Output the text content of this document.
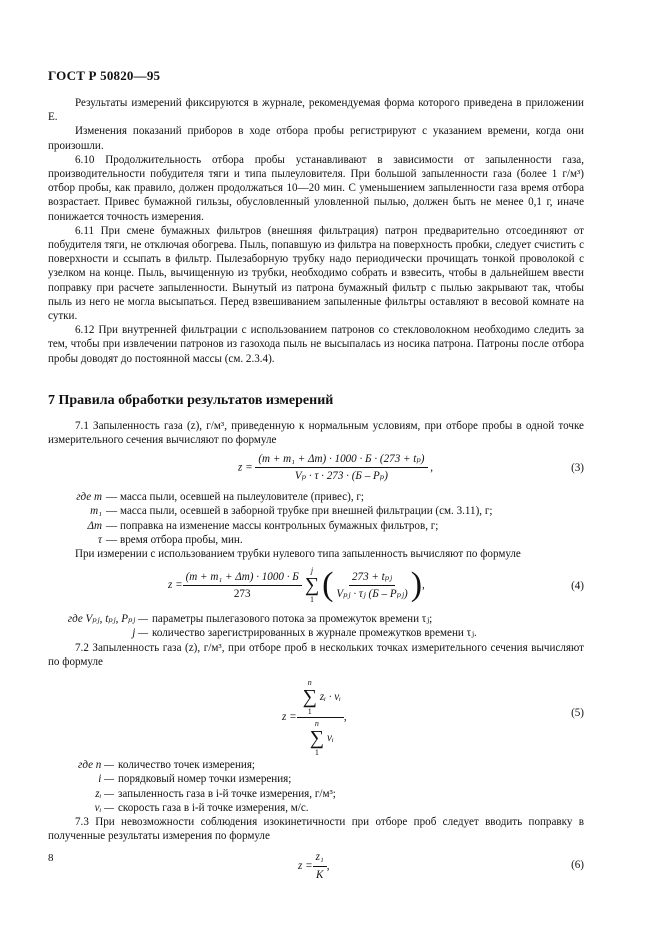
ГОСТ Р 50820—95

Результаты измерений фиксируются в журнале, рекомендуемая форма которого приведена в приложении Е.

Изменения показаний приборов в ходе отбора пробы регистрируют с указанием времени, когда они произошли.

6.10 Продолжительность отбора пробы устанавливают в зависимости от запыленности газа, производительности побудителя тяги и типа пылеуловителя. При большой запыленности газа (более 1 г/м³) отбор пробы, как правило, должен продолжаться 10—20 мин. С уменьшением запыленности газа время отбора возрастает. Привес бумажной гильзы, обусловленный уловленной пылью, должен быть не менее 0,1 г, иначе понижается точность измерения.

6.11 При смене бумажных фильтров (внешняя фильтрация) патрон предварительно отсоединяют от побудителя тяги, не отключая обогрева. Пыль, попавшую из фильтра на поверхность пробки, следует счистить с поверхности и ссыпать в фильтр. Пылезаборную трубку надо периодически прочищать тонкой проволокой с узелком на конце. Пыль, вычищенную из трубки, необходимо собрать и взвесить, чтобы в дальнейшем ввести поправку при расчете запыленности. Вынутый из патрона бумажный фильтр с пылью закрывают так, чтобы пыль из него не могла высыпаться. Перед взвешиванием запыленные фильтры оставляют в весовой комнате на сутки.

6.12 При внутренней фильтрации с использованием патронов со стекловолокном необходимо следить за тем, чтобы при извлечении патронов из газохода пыль не высыпалась из носика патрона. Патроны после отбора пробы доводят до постоянной массы (см. 2.3.4).

7 Правила обработки результатов измерений

7.1 Запыленность газа (z), г/м³, приведенную к нормальным условиям, при отборе пробы в одной точке измерительного сечения вычисляют по формуле

$z = \frac{\text{(m + m₁ + Δm) · 1000 · Б · (273 + tₚ)}}{\text{Vₚ · τ · 273 · (Б – Pₚ)}}$ ,	(3)
где m — масса пыли, осевшей на пылеуловителе (привес), г;
m₁ — масса пыли, осевшей в заборной трубке при внешней фильтрации (см. 3.11), г;
Δm — поправка на изменение массы контрольных бумажных фильтров, г;
τ — время отбора пробы, мин.

При измерении с использованием трубки нулевого типа запыленность вычисляют по формуле

$z = \frac{\text{(m + m₁ + Δm) · 1000 · Б}}{273}$ j
∑
1 ( $\frac{\text{273 + tₚⱼ}}{\text{Vₚⱼ · τⱼ (Б – Pₚⱼ)}}$ ) ,	(4)
где Vₚⱼ, tₚⱼ, Pₚⱼ — параметры пылегазового потока за промежуток времени τⱼ;
j — количество зарегистрированных в журнале промежутков времени τⱼ.

7.2 Запыленность газа (z), г/м³, при отборе проб в нескольких точках измерительного сечения вычисляют по формуле

z = n
∑
1
zᵢ · vᵢ
n
∑
1
vᵢ ,	(5)
где n — количество точек измерения;
i — порядковый номер точки измерения;
zᵢ — запыленность газа в i-й точке измерения, г/м³;
vᵢ — скорость газа в i-й точке измерения, м/с.

7.3 При невозможности соблюдения изокинетичности при отборе проб следует вводить поправку в полученные результаты измерения по формуле

$z = \frac{\text{z₁}}{K}$ ,	(6)
8
